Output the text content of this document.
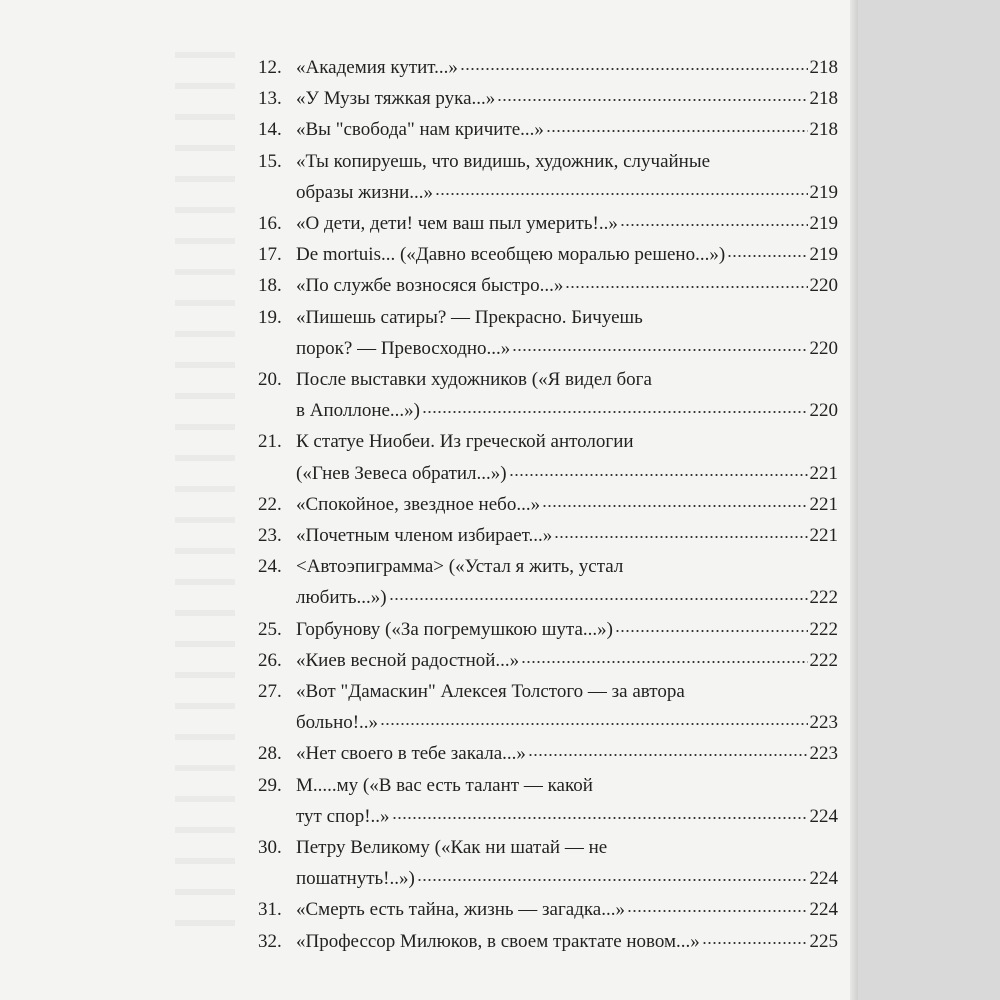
12. «Академия кутит...»	218
13. «У Музы тяжкая рука...»	218
14. «Вы "свобода" нам кричите...»	218
15. «Ты копируешь, что видишь, художник, случайные
образы жизни...»	219
16. «О дети, дети! чем ваш пыл умерить!..»	219
17. De mortuis... («Давно всеобщею моралью решено...»)	219
18. «По службе возносяся быстро...»	220
19. «Пишешь сатиры? — Прекрасно. Бичуешь
порок? — Превосходно...»	220
20. После выставки художников («Я видел бога
в Аполлоне...»)	220
21. К статуе Ниобеи. Из греческой антологии
(«Гнев Зевеса обратил...»)	221
22. «Спокойное, звездное небо...»	221
23. «Почетным членом избирает...»	221
24. <Автоэпиграмма> («Устал я жить, устал
любить...»)	222
25. Горбунову («За погремушкою шута...»)	222
26. «Киев весной радостной...»	222
27. «Вот "Дамаскин" Алексея Толстого — за автора
больно!..»	223
28. «Нет своего в тебе закала...»	223
29. М.....му («В вас есть талант — какой
тут спор!..»	224
30. Петру Великому («Как ни шатай — не
пошатнуть!..»)	224
31. «Смерть есть тайна, жизнь — загадка...»	224
32. «Профессор Милюков, в своем трактате новом...»	225
